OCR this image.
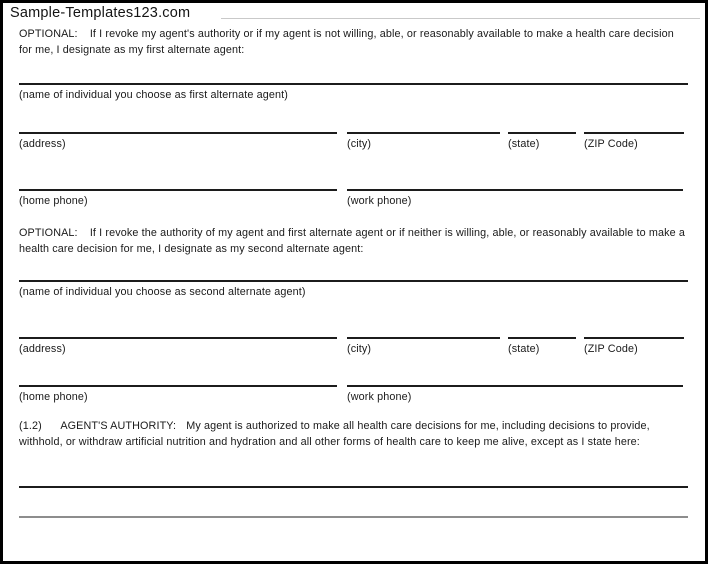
Sample-Templates123.com

OPTIONAL: If I revoke my agent's authority or if my agent is not willing, able, or reasonably available to make a health care decision for me, I designate as my first alternate agent:

(name of individual you choose as first alternate agent)
(address)	(city)	(state)	(ZIP Code)
(home phone)	(work phone)

OPTIONAL: If I revoke the authority of my agent and first alternate agent or if neither is willing, able, or reasonably available to make a health care decision for me, I designate as my second alternate agent:

(name of individual you choose as second alternate agent)
(address)	(city)	(state)	(ZIP Code)
(home phone)	(work phone)

(1.2) AGENT'S AUTHORITY: My agent is authorized to make all health care decisions for me, including decisions to provide, withhold, or withdraw artificial nutrition and hydration and all other forms of health care to keep me alive, except as I state here:
